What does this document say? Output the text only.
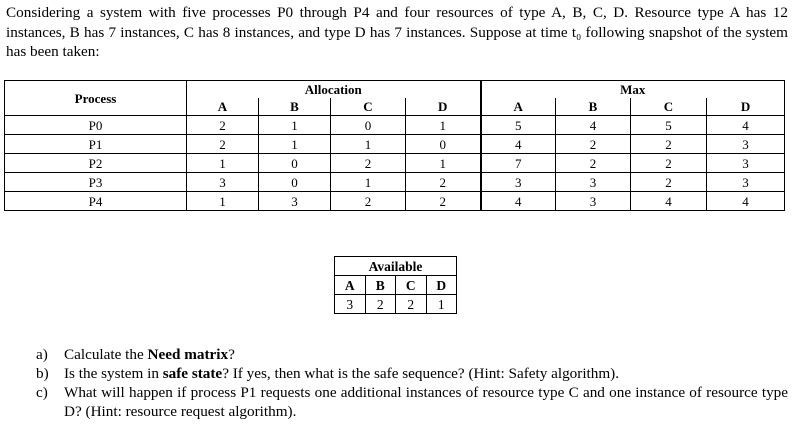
Considering a system with five processes P0 through P4 and four resources of type A, B, C, D. Resource type A has 12 instances, B has 7 instances, C has 8 instances, and type D has 7 instances. Suppose at time t₀ following snapshot of the system has been taken:
Process	Allocation				Max			
	A	B	C	D	A	B	C	D
P0	2	1	0	1	5	4	5	4
P1	2	1	1	0	4	2	2	3
P2	1	0	2	1	7	2	2	3
P3	3	0	1	2	3	3	2	3
P4	1	3	2	2	4	3	4	4
Available			
A	B	C	D
3	2	2	1
a)	Calculate the Need matrix?
b)	Is the system in safe state? If yes, then what is the safe sequence? (Hint: Safety algorithm).
c)	What will happen if process P1 requests one additional instances of resource type C and one instance of resource type D? (Hint: resource request algorithm).
